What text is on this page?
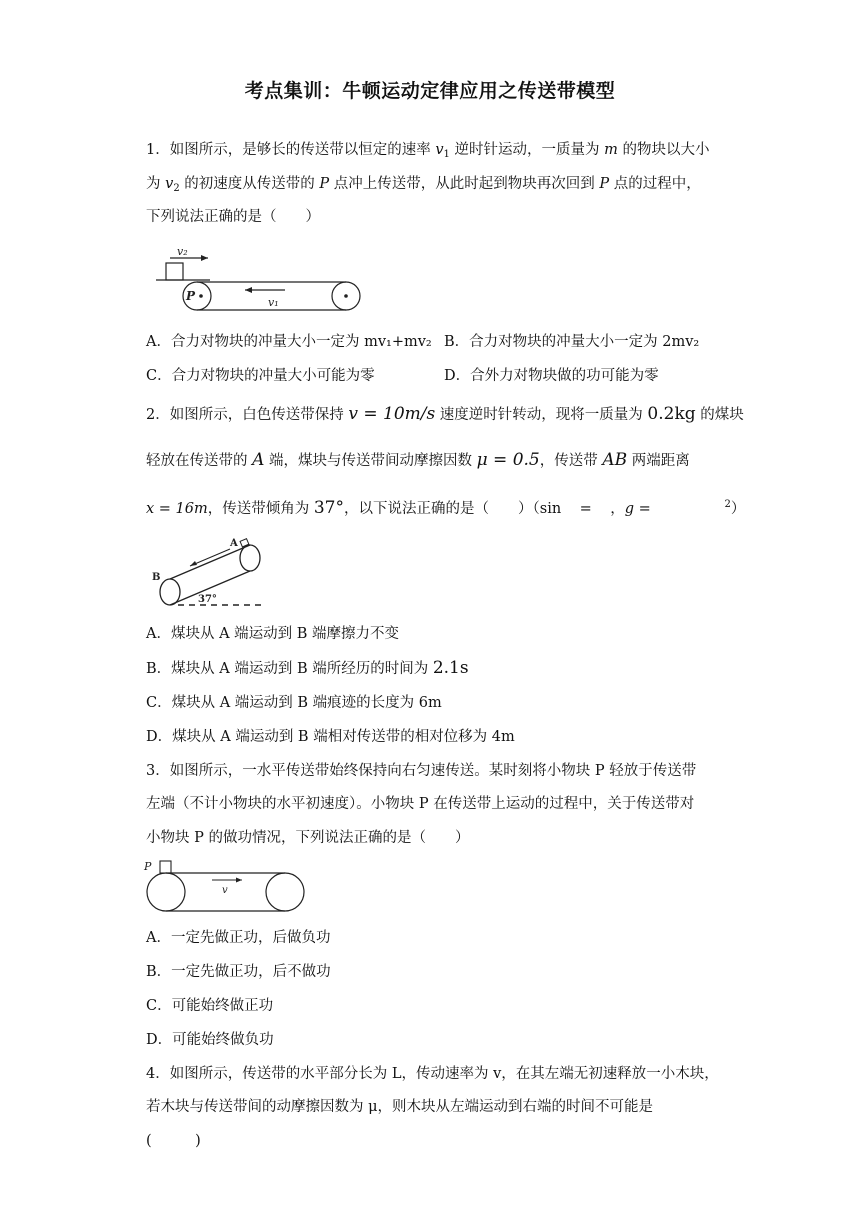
考点集训：牛顿运动定律应用之传送带模型
1．如图所示，是够长的传送带以恒定的速率 $v_1$ 逆时针运动，一质量为 m 的物块以大小
为 $v_2$ 的初速度从传送带的 P 点冲上传送带，从此时起到物块再次回到 P 点的过程中，
下列说法正确的是（　　）
v₂
P	v₁
A．合力对物块的冲量大小一定为 mv₁+mv₂ B．合力对物块的冲量大小一定为 2mv₂
C．合力对物块的冲量大小可能为零	D．合外力对物块做的功可能为零
2．如图所示，白色传送带保持 v = 10m/s 速度逆时针转动，现将一质量为 0.2kg 的煤块
轻放在传送带的 A 端，煤块与传送带间动摩擦因数 μ = 0.5，传送带 AB 两端距离
x = 16m，传送带倾角为 37°，以下说法正确的是（　　）（sin = ，g =	$^2$）
A
B
37°
A．煤块从 A 端运动到 B 端摩擦力不变
B．煤块从 A 端运动到 B 端所经历的时间为 2.1s
C．煤块从 A 端运动到 B 端痕迹的长度为 6m
D．煤块从 A 端运动到 B 端相对传送带的相对位移为 4m
3．如图所示，一水平传送带始终保持向右匀速传送。某时刻将小物块 P 轻放于传送带
左端（不计小物块的水平初速度）。小物块 P 在传送带上运动的过程中，关于传送带对
小物块 P 的做功情况，下列说法正确的是（　　）
P
v
A．一定先做正功，后做负功
B．一定先做正功，后不做功
C．可能始终做正功
D．可能始终做负功
4．如图所示，传送带的水平部分长为 L，传动速率为 v，在其左端无初速释放一小木块，
若木块与传送带间的动摩擦因数为 μ，则木块从左端运动到右端的时间不可能是
(　　　)
